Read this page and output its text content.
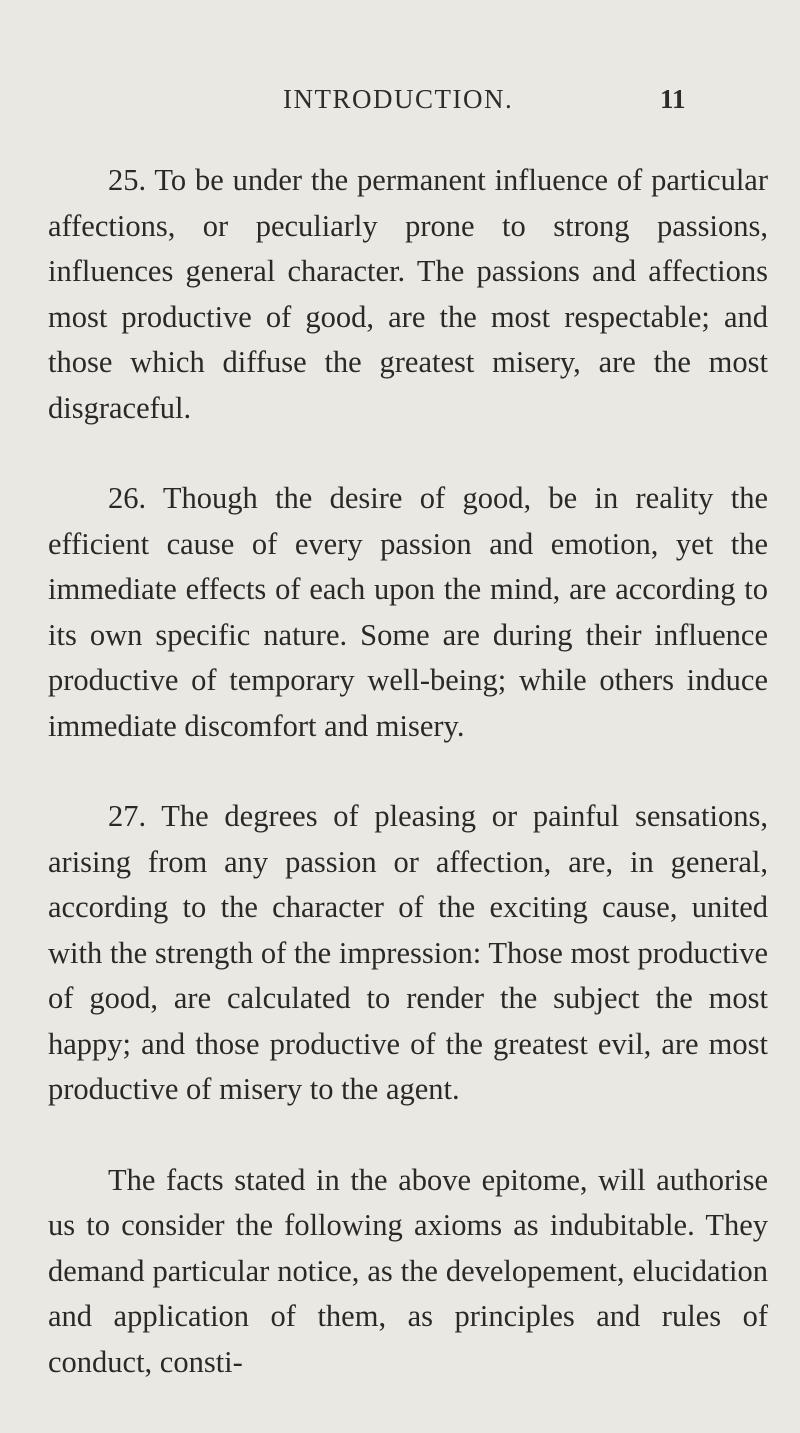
INTRODUCTION.	11

25. To be under the permanent influence of particular affections, or peculiarly prone to strong passions, influences general character. The passions and affections most productive of good, are the most respectable; and those which diffuse the greatest misery, are the most disgraceful.

26. Though the desire of good, be in reality the efficient cause of every passion and emotion, yet the immediate effects of each upon the mind, are according to its own specific nature. Some are during their influence productive of temporary well-being; while others induce immediate discomfort and misery.

27. The degrees of pleasing or painful sensations, arising from any passion or affection, are, in general, according to the character of the exciting cause, united with the strength of the impression: Those most productive of good, are calculated to render the subject the most happy; and those productive of the greatest evil, are most productive of misery to the agent.

The facts stated in the above epitome, will authorise us to consider the following axioms as indubitable. They demand particular notice, as the developement, elucidation and application of them, as principles and rules of conduct, consti-
